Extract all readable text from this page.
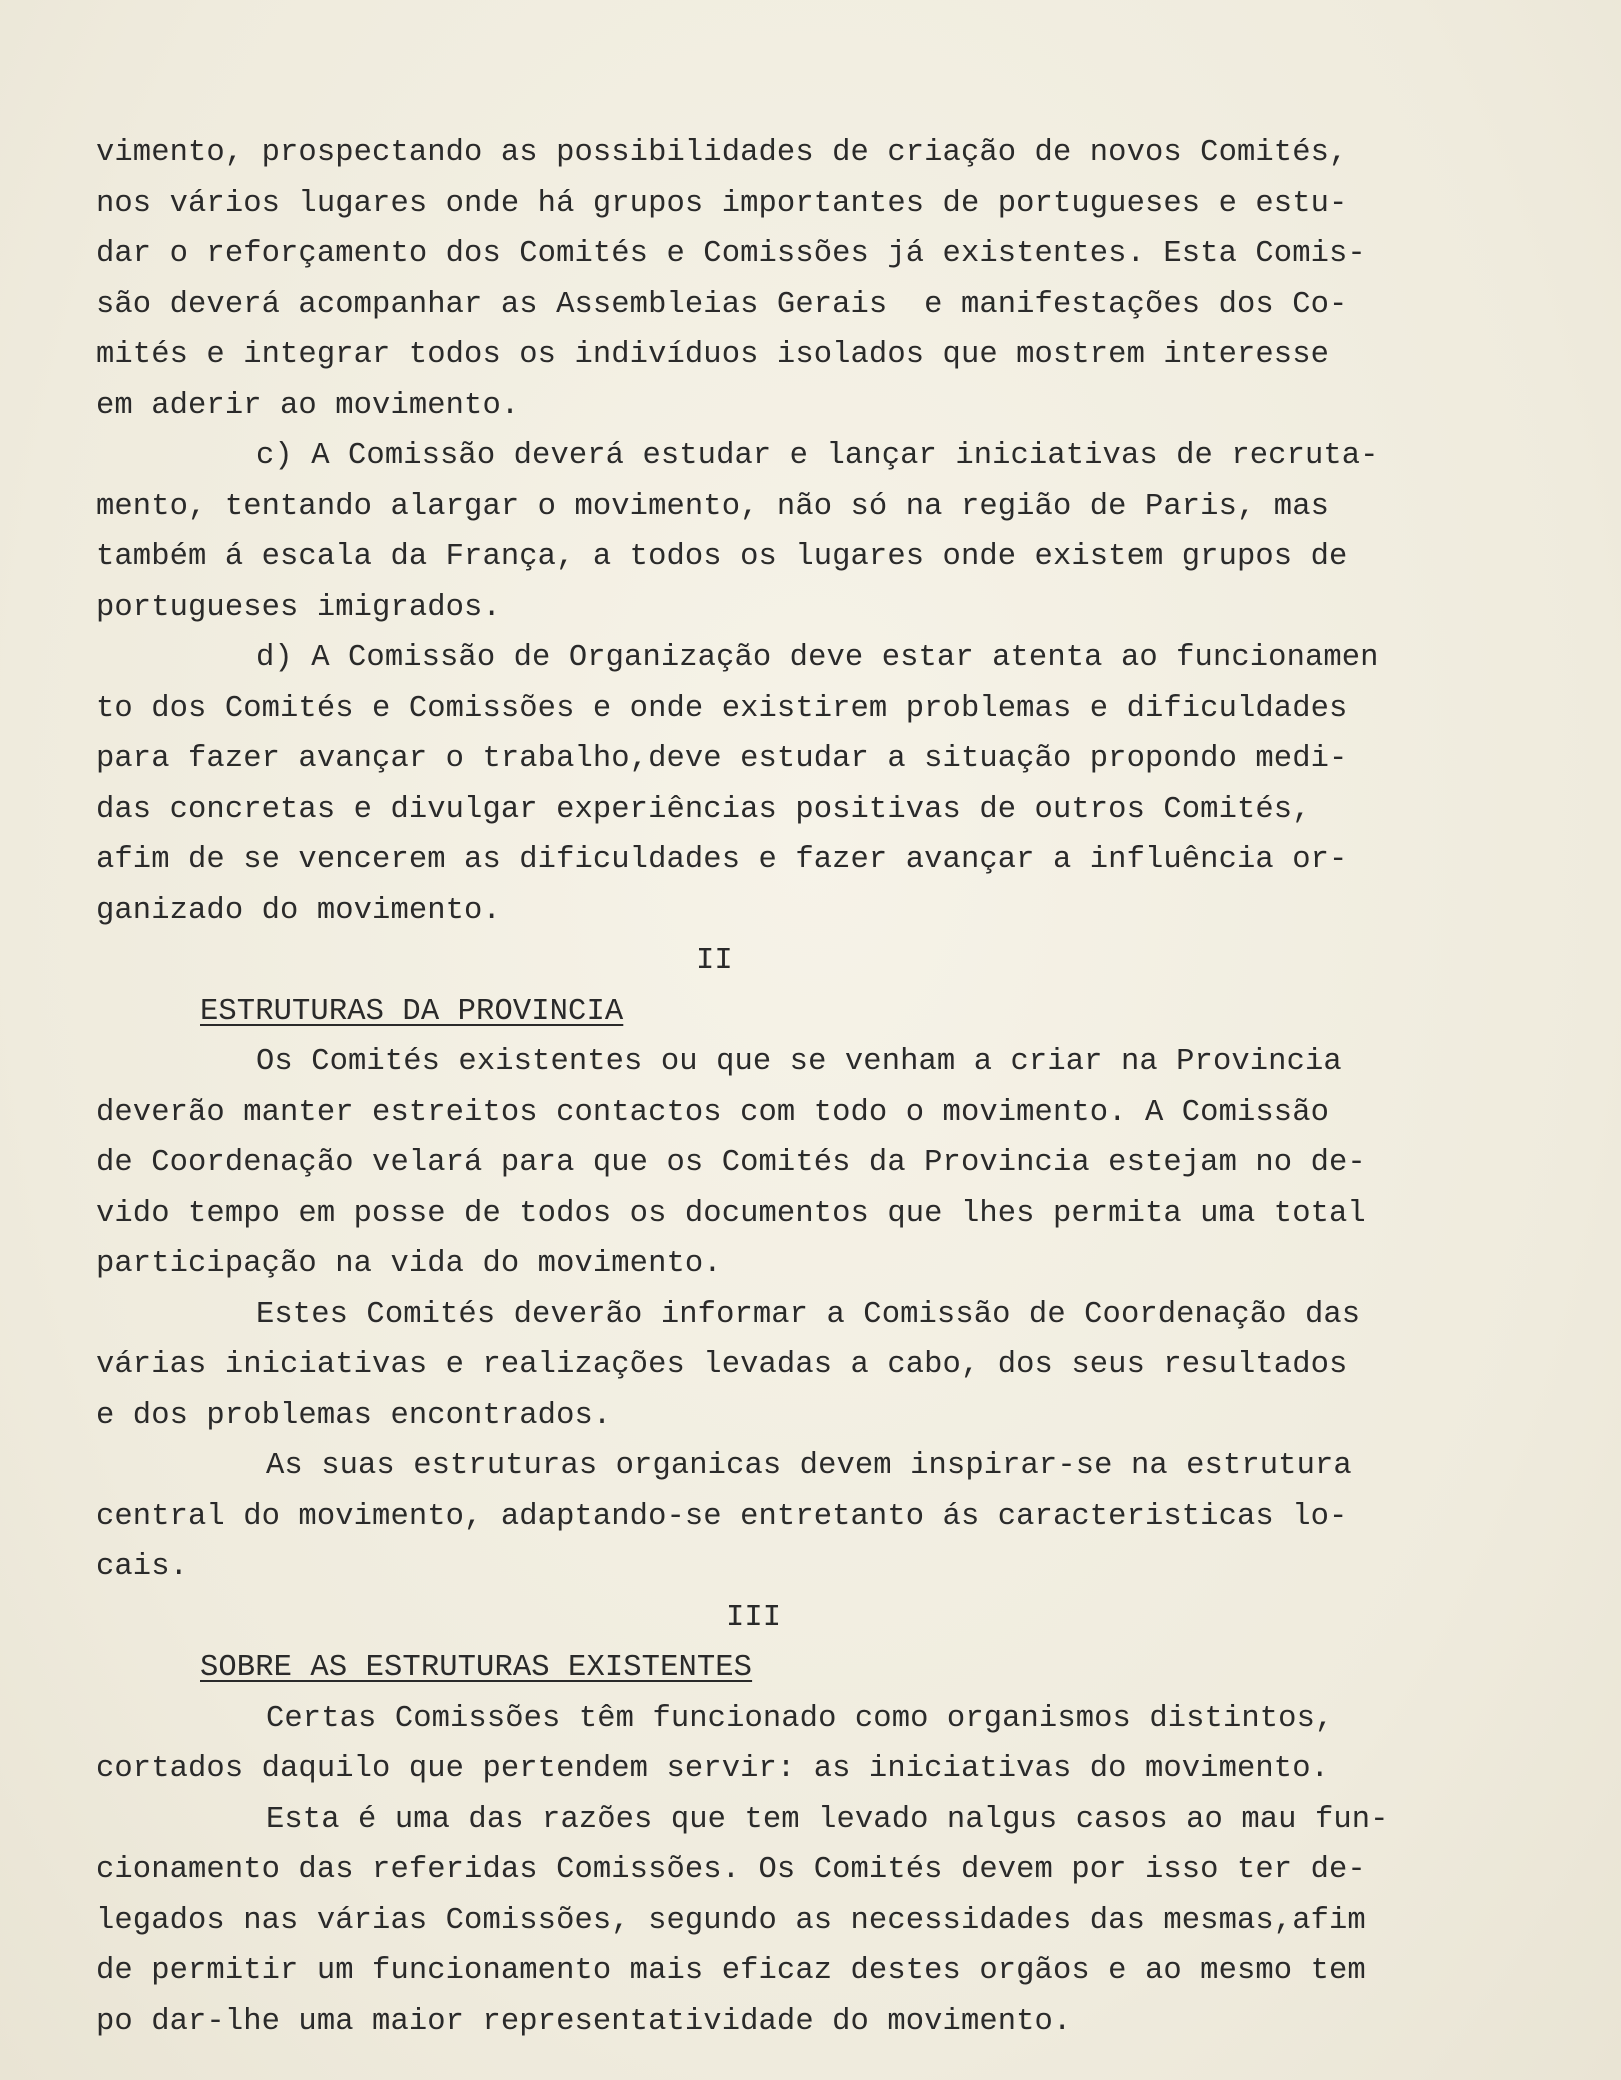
vimento, prospectando as possibilidades de criação de novos Comités,
nos vários lugares onde há grupos importantes de portugueses e estu-
dar o reforçamento dos Comités e Comissões já existentes. Esta Comis-
são deverá acompanhar as Assembleias Gerais  e manifestações dos Co-
mités e integrar todos os indivíduos isolados que mostrem interesse
em aderir ao movimento.
c) A Comissão deverá estudar e lançar iniciativas de recruta-
mento, tentando alargar o movimento, não só na região de Paris, mas
também á escala da França, a todos os lugares onde existem grupos de
portugueses imigrados.
d) A Comissão de Organização deve estar atenta ao funcionamen
to dos Comités e Comissões e onde existirem problemas e dificuldades
para fazer avançar o trabalho,deve estudar a situação propondo medi-
das concretas e divulgar experiências positivas de outros Comités,
afim de se vencerem as dificuldades e fazer avançar a influência or-
ganizado do movimento.
II
ESTRUTURAS DA PROVINCIA
Os Comités existentes ou que se venham a criar na Provincia
deverão manter estreitos contactos com todo o movimento. A Comissão
de Coordenação velará para que os Comités da Provincia estejam no de-
vido tempo em posse de todos os documentos que lhes permita uma total
participação na vida do movimento.
Estes Comités deverão informar a Comissão de Coordenação das
várias iniciativas e realizações levadas a cabo, dos seus resultados
e dos problemas encontrados.
As suas estruturas organicas devem inspirar-se na estrutura
central do movimento, adaptando-se entretanto ás caracteristicas lo-
cais.
III
SOBRE AS ESTRUTURAS EXISTENTES
Certas Comissões têm funcionado como organismos distintos,
cortados daquilo que pertendem servir: as iniciativas do movimento.
Esta é uma das razões que tem levado nalgus casos ao mau fun-
cionamento das referidas Comissões. Os Comités devem por isso ter de-
legados nas várias Comissões, segundo as necessidades das mesmas,afim
de permitir um funcionamento mais eficaz destes orgãos e ao mesmo tem
po dar-lhe uma maior representatividade do movimento.
